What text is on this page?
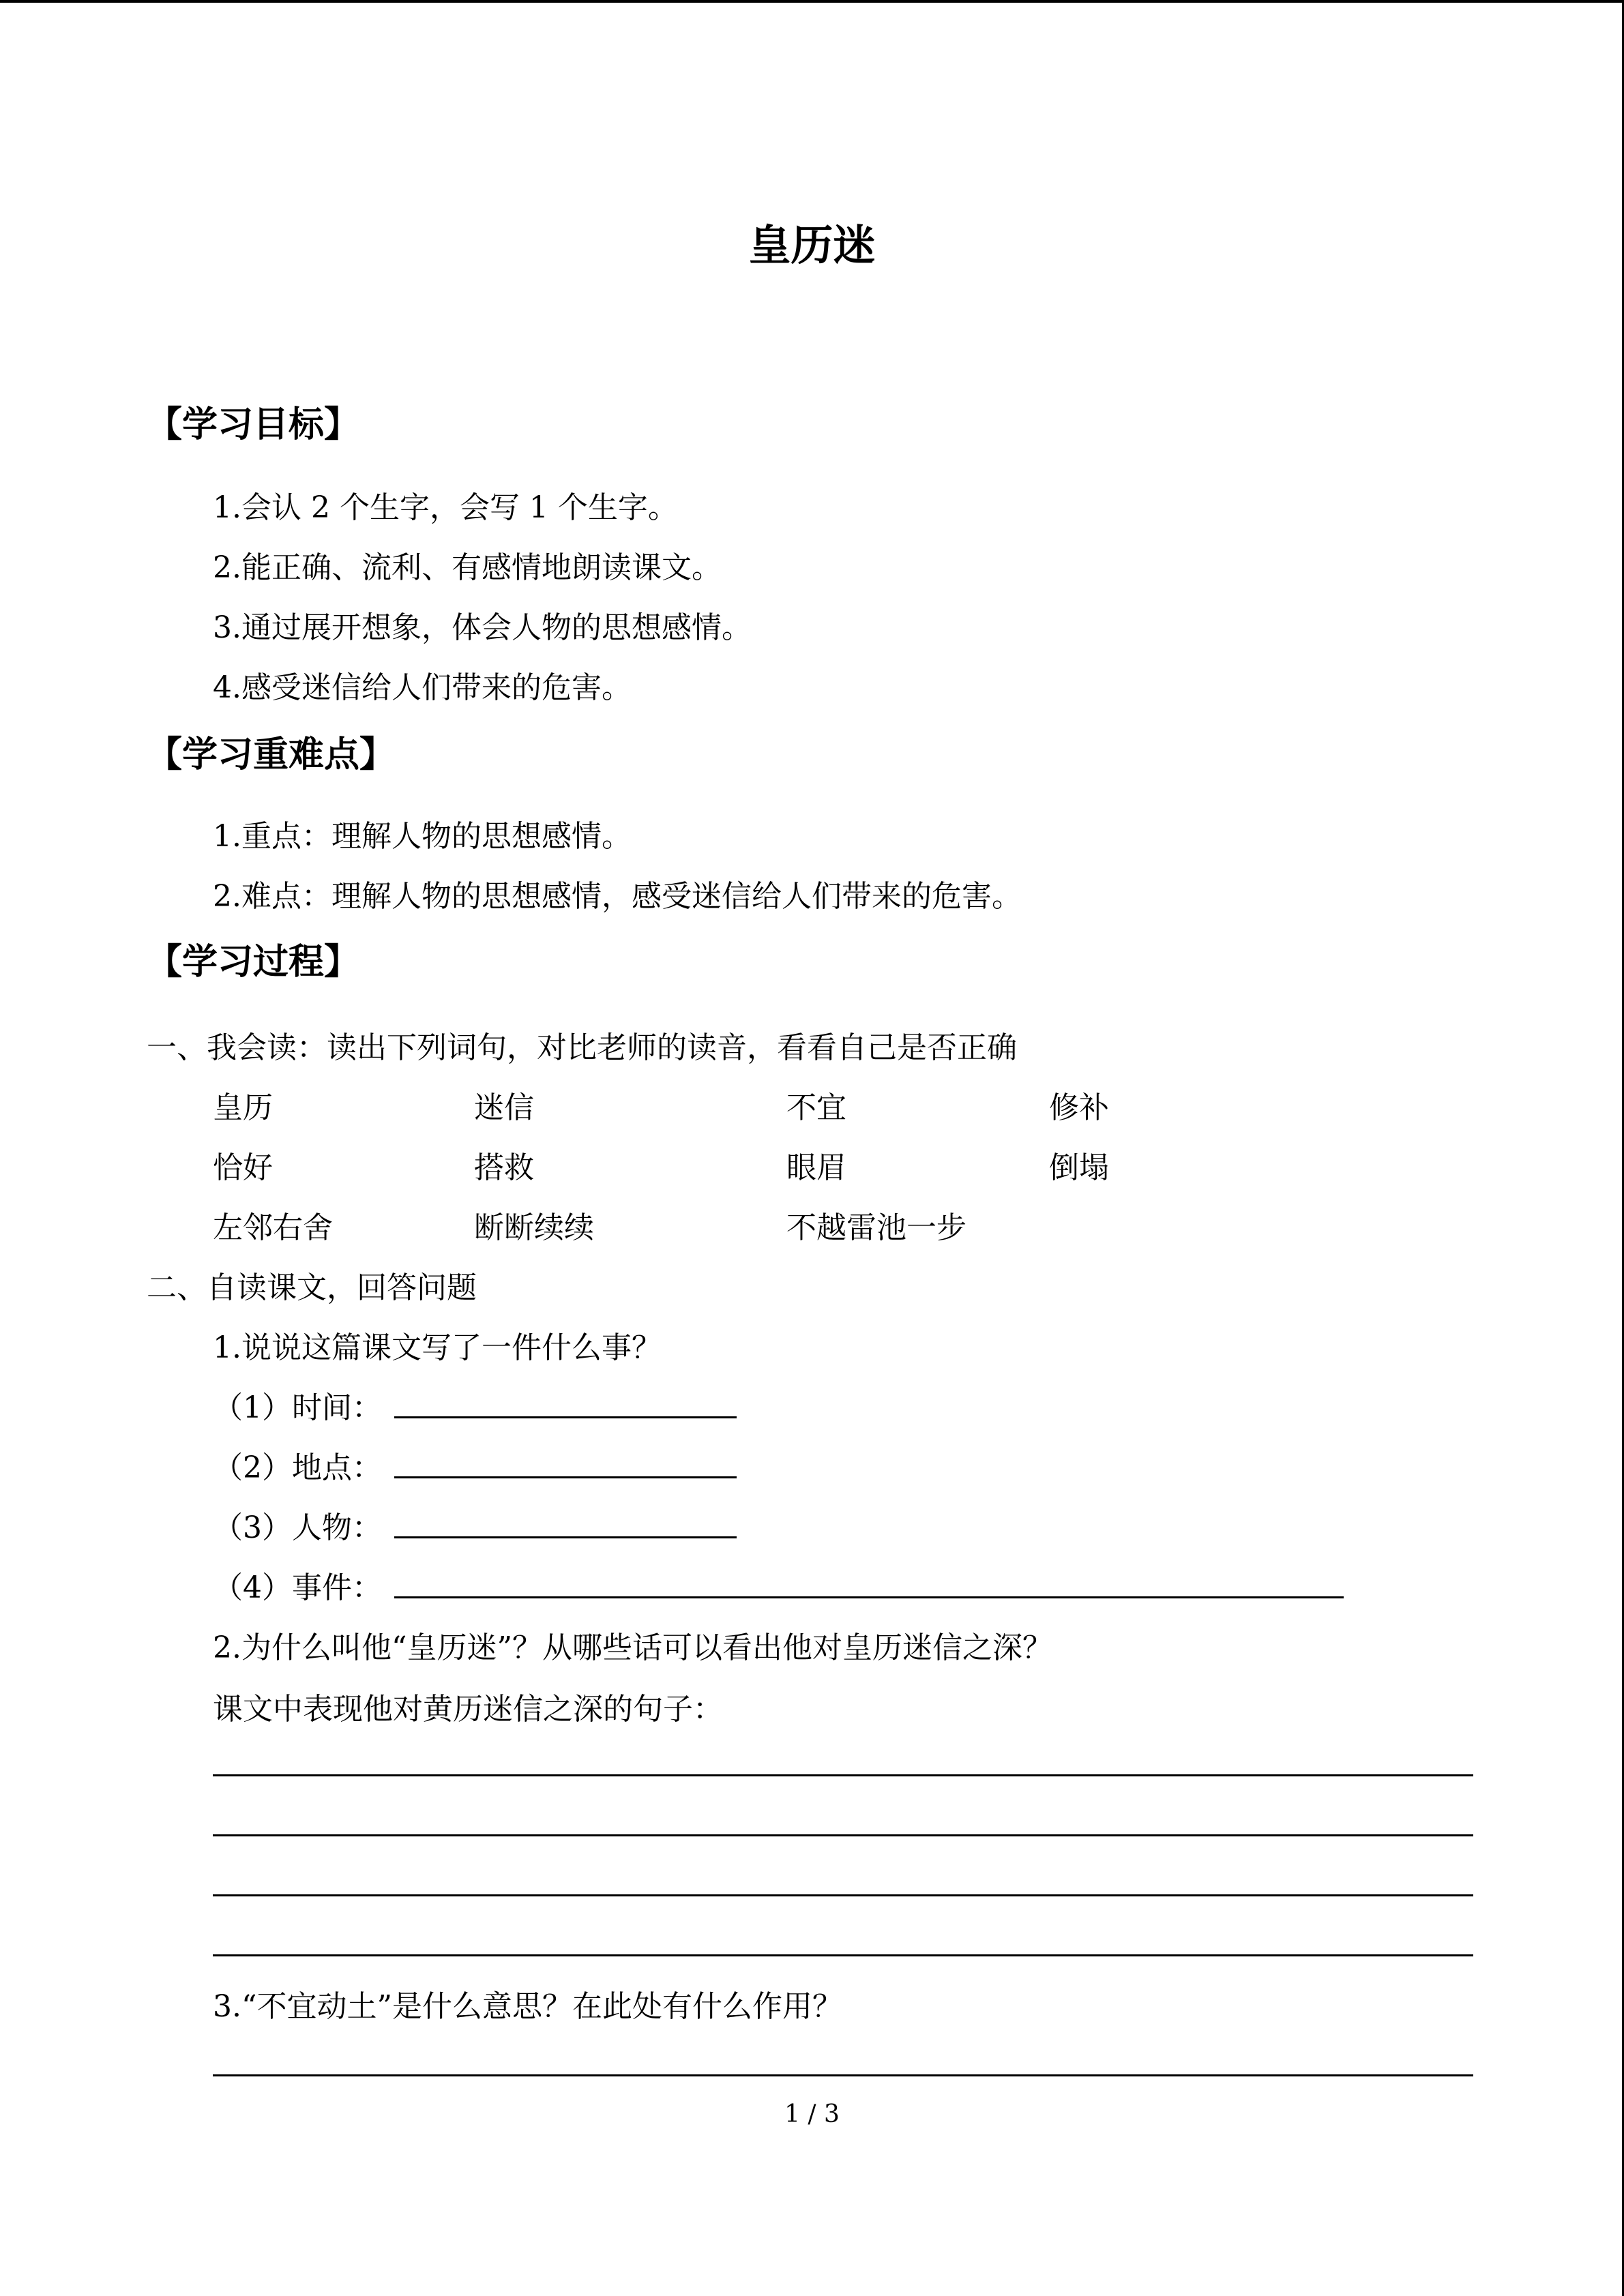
皇历迷
【学习目标】
1.会认 2 个生字，会写 1 个生字。
2.能正确、流利、有感情地朗读课文。
3.通过展开想象，体会人物的思想感情。
4.感受迷信给人们带来的危害。
【学习重难点】
1.重点：理解人物的思想感情。
2.难点：理解人物的思想感情，感受迷信给人们带来的危害。
【学习过程】
一、我会读：读出下列词句，对比老师的读音，看看自己是否正确
皇历	迷信	不宜	修补
恰好	搭救	眼眉	倒塌
左邻右舍	断断续续	不越雷池一步
二、自读课文，回答问题
1.说说这篇课文写了一件什么事？
（1）时间：
（2）地点：
（3）人物：
（4）事件：
2.为什么叫他“皇历迷”？从哪些话可以看出他对皇历迷信之深？
课文中表现他对黄历迷信之深的句子：
3.“不宜动土”是什么意思？在此处有什么作用？
1 / 3
